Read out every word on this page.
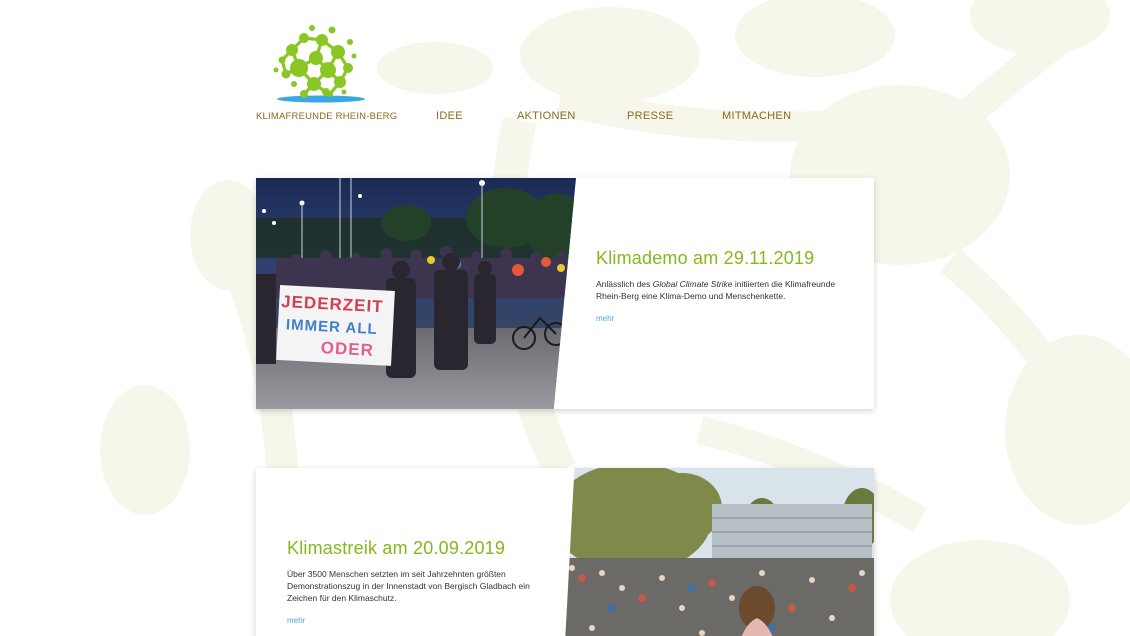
KLIMAFREUNDE RHEIN-BERG	IDEE	AKTIONEN	PRESSE	MITMACHEN
JEDERZEIT
IMMER ALL
ODER
Klimademo am 29.11.2019

Anlässlich des Global Climate Strike initiierten die Klimafreunde Rhein-Berg eine Klima-Demo und Menschenkette.

mehr
Klimastreik am 20.09.2019

Über 3500 Menschen setzten im seit Jahrzehnten größten Demonstrationszug in der Innenstadt von Bergisch Gladbach ein Zeichen für den Klimaschutz.

mehr
